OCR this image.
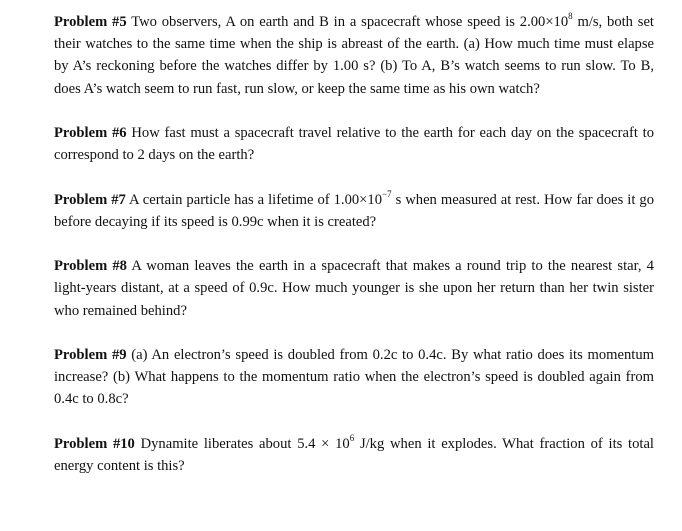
Problem #5 Two observers, A on earth and B in a spacecraft whose speed is $2.00\times 10^8$ m/s, both set their watches to the same time when the ship is abreast of the earth. (a) How much time must elapse by A’s reckoning before the watches differ by 1.00 s? (b) To A, B’s watch seems to run slow. To B, does A’s watch seem to run fast, run slow, or keep the same time as his own watch?

Problem #6 How fast must a spacecraft travel relative to the earth for each day on the spacecraft to correspond to 2 days on the earth?

Problem #7 A certain particle has a lifetime of $1.00\times 10^{-7}$ s when measured at rest. How far does it go before decaying if its speed is 0.99c when it is created?

Problem #8 A woman leaves the earth in a spacecraft that makes a round trip to the nearest star, 4 light-years distant, at a speed of 0.9c. How much younger is she upon her return than her twin sister who remained behind?

Problem #9 (a) An electron’s speed is doubled from 0.2c to 0.4c. By what ratio does its momentum increase? (b) What happens to the momentum ratio when the electron’s speed is doubled again from 0.4c to 0.8c?

Problem #10 Dynamite liberates about $5.4 \times 10^6$ J/kg when it explodes. What fraction of its total energy content is this?
